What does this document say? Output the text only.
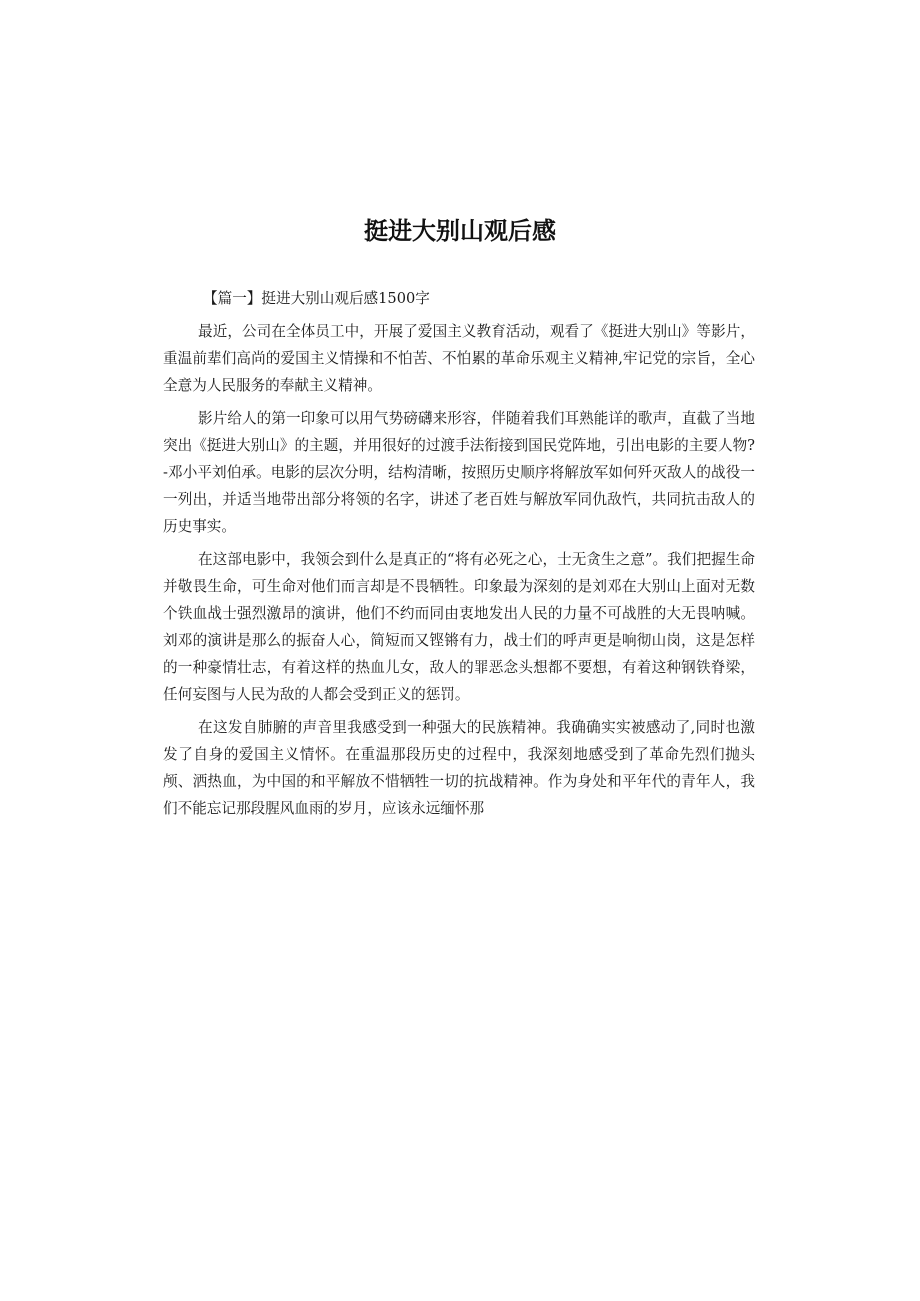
挺进大别山观后感

【篇一】挺进大别山观后感1500字

最近，公司在全体员工中，开展了爱国主义教育活动，观看了《挺进大别山》等影片，重温前辈们高尚的爱国主义情操和不怕苦、不怕累的革命乐观主义精神,牢记党的宗旨，全心全意为人民服务的奉献主义精神。

影片给人的第一印象可以用气势磅礴来形容，伴随着我们耳熟能详的歌声，直截了当地突出《挺进大别山》的主题，并用很好的过渡手法衔接到国民党阵地，引出电影的主要人物?-邓小平刘伯承。电影的层次分明，结构清晰，按照历史顺序将解放军如何歼灭敌人的战役一一列出，并适当地带出部分将领的名字，讲述了老百姓与解放军同仇敌忾，共同抗击敌人的历史事实。

在这部电影中，我领会到什么是真正的“将有必死之心，士无贪生之意”。我们把握生命并敬畏生命，可生命对他们而言却是不畏牺牲。印象最为深刻的是刘邓在大别山上面对无数个铁血战士强烈激昂的演讲，他们不约而同由衷地发出人民的力量不可战胜的大无畏呐喊。刘邓的演讲是那么的振奋人心，简短而又铿锵有力，战士们的呼声更是响彻山岗，这是怎样的一种豪情壮志，有着这样的热血儿女，敌人的罪恶念头想都不要想，有着这种钢铁脊梁，任何妄图与人民为敌的人都会受到正义的惩罚。

在这发自肺腑的声音里我感受到一种强大的民族精神。我确确实实被感动了,同时也激发了自身的爱国主义情怀。在重温那段历史的过程中，我深刻地感受到了革命先烈们抛头颅、洒热血，为中国的和平解放不惜牺牲一切的抗战精神。作为身处和平年代的青年人，我们不能忘记那段腥风血雨的岁月，应该永远缅怀那
